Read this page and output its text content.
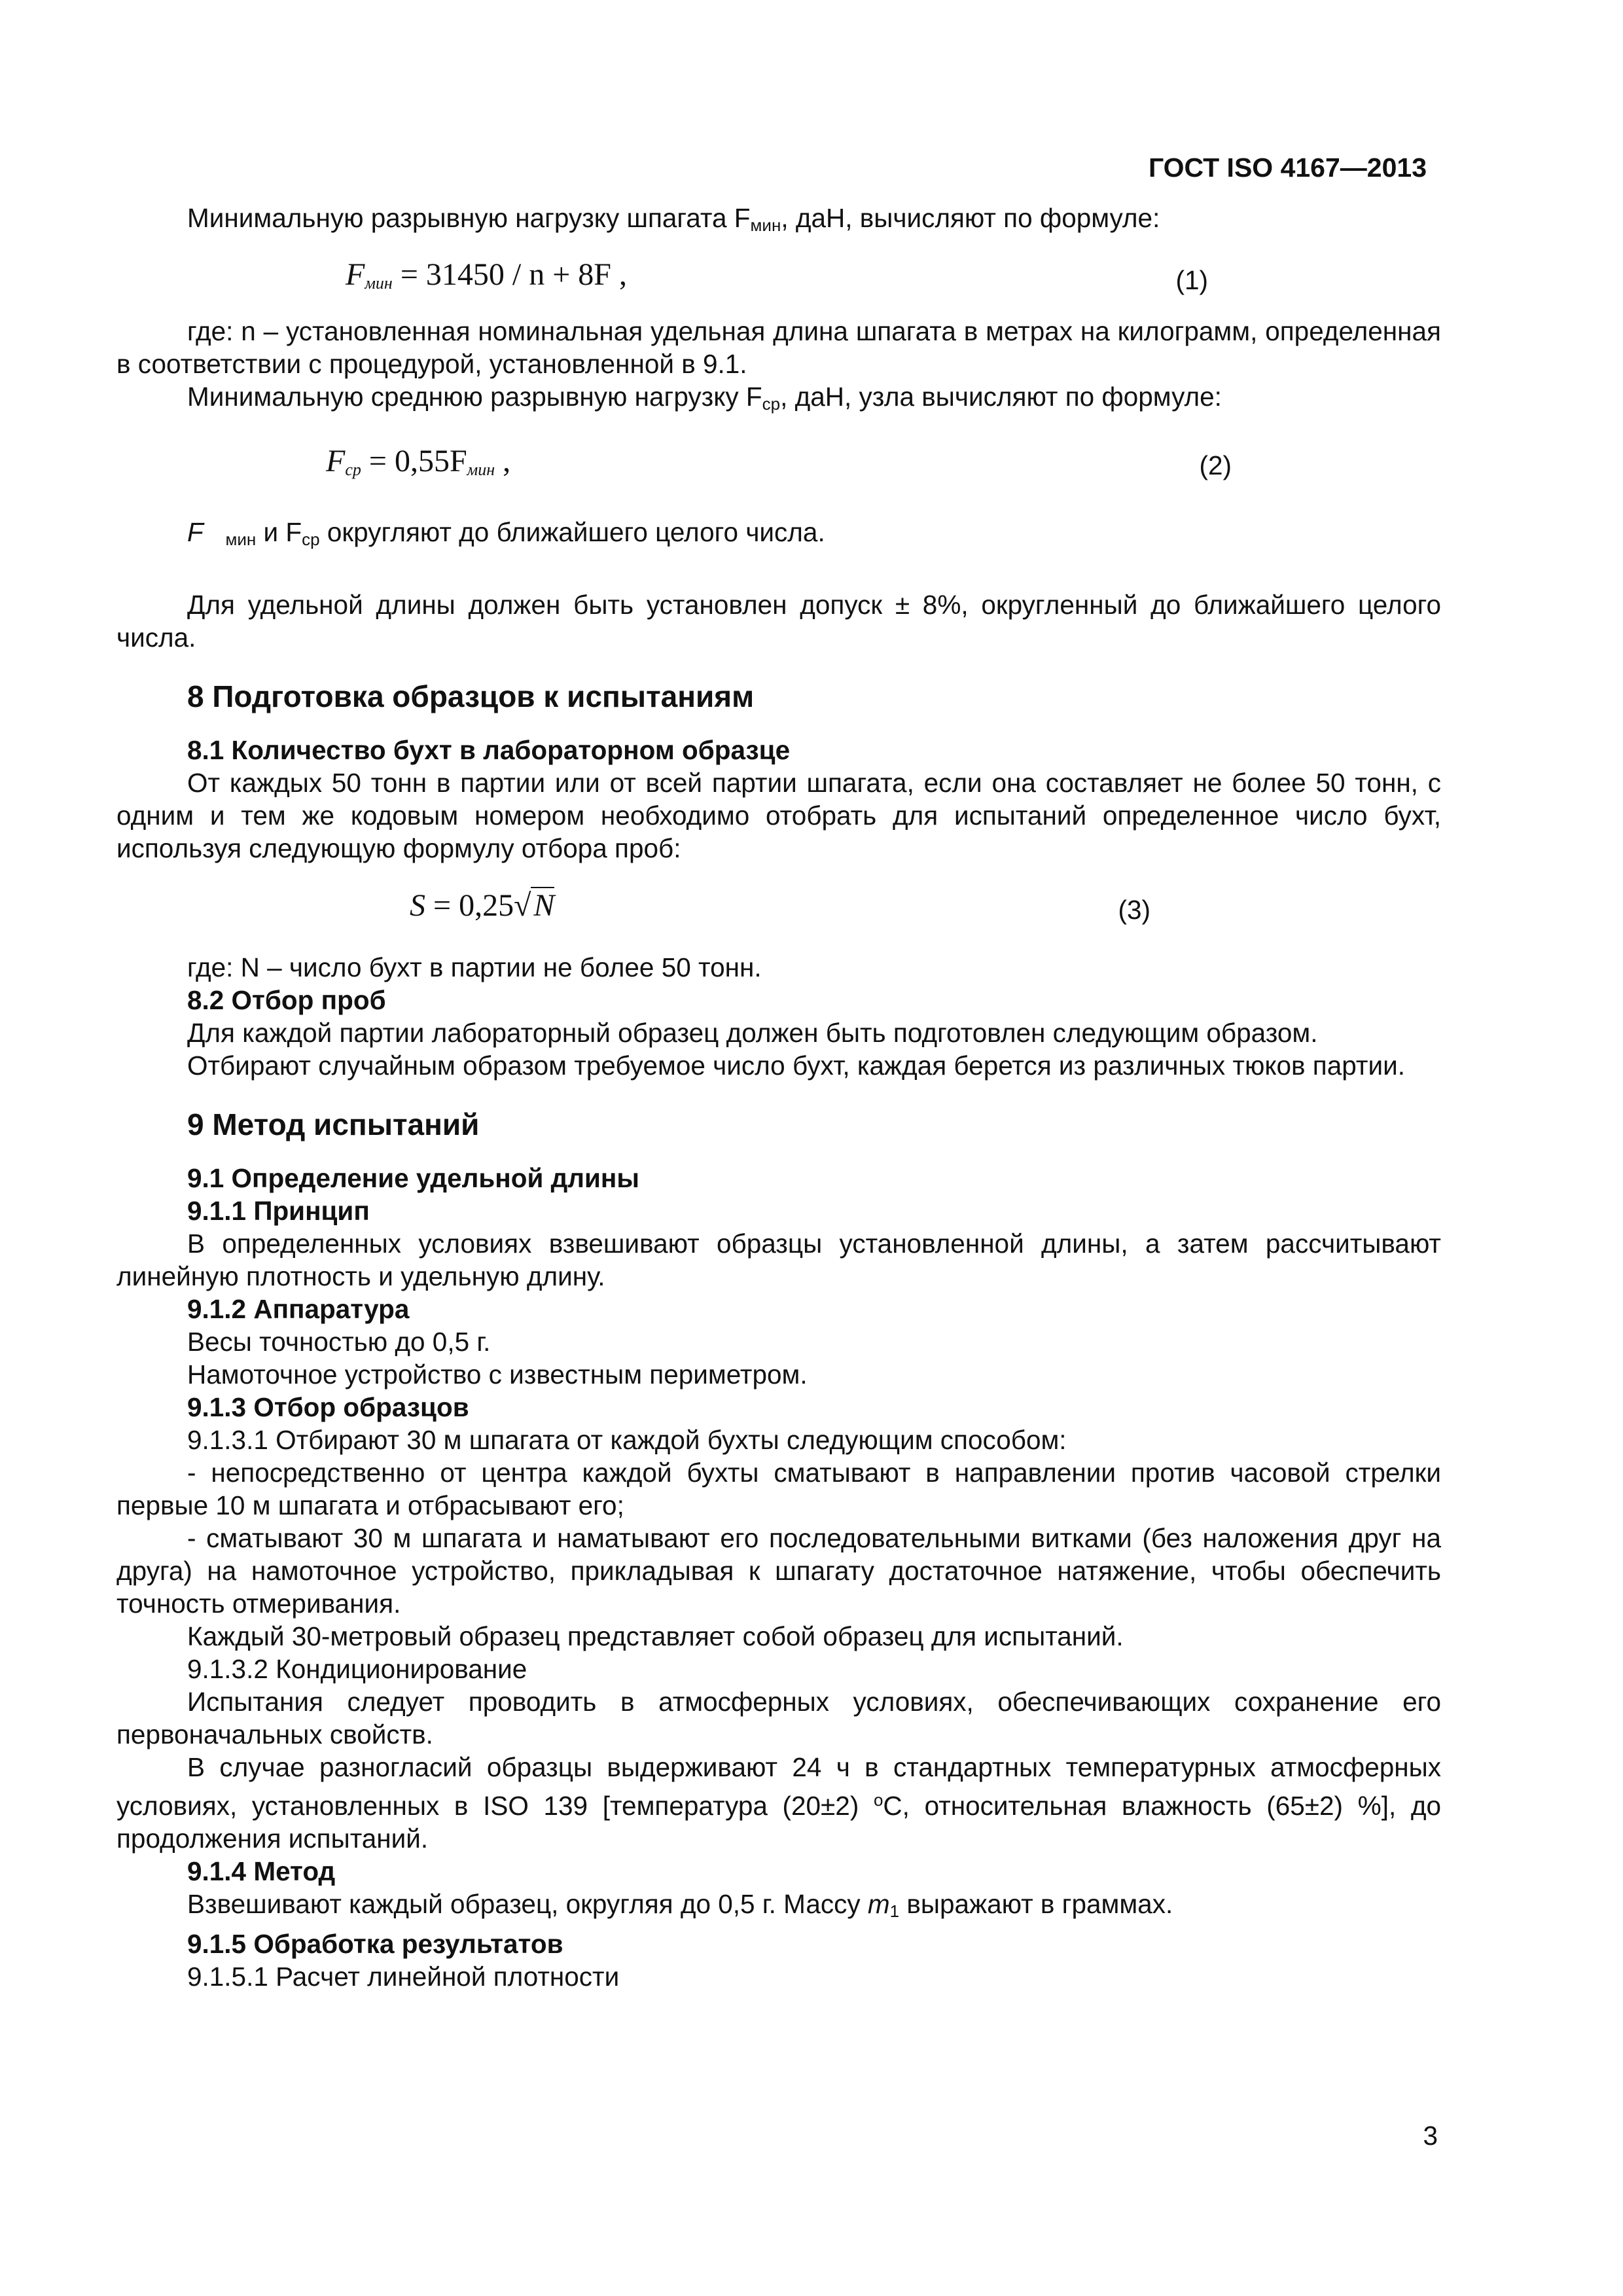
ГОСТ ISO 4167—2013

Минимальную разрывную нагрузку шпагата $F_{мин}$, даН, вычисляют по формуле:

$F_{мин} = 31450 / n + 8F$ ,	(1)

где: n – установленная номинальная удельная длина шпагата в метрах на килограмм, определенная в соответствии с процедурой, установленной в 9.1.

Минимальную среднюю разрывную нагрузку $F_{ср}$, даН, узла вычисляют по формуле:

$F_{ср} = 0,55F_{мин}$ ,	(2)

F $_{мин}$ и $F_{ср}$ округляют до ближайшего целого числа.

Для удельной длины должен быть установлен допуск ± 8%, округленный до ближайшего целого числа.

8 Подготовка образцов к испытаниям

8.1 Количество бухт в лабораторном образце

От каждых 50 тонн в партии или от всей партии шпагата, если она составляет не более 50 тонн, с одним и тем же кодовым номером необходимо отобрать для испытаний определенное число бухт, используя следующую формулу отбора проб:

S = 0,25√N	(3)

где: N – число бухт в партии не более 50 тонн.

8.2 Отбор проб

Для каждой партии лабораторный образец должен быть подготовлен следующим образом.

Отбирают случайным образом требуемое число бухт, каждая берется из различных тюков партии.

9 Метод испытаний

9.1 Определение удельной длины

9.1.1 Принцип

В определенных условиях взвешивают образцы установленной длины, а затем рассчитывают линейную плотность и удельную длину.

9.1.2 Аппаратура

Весы точностью до 0,5 г.

Намоточное устройство с известным периметром.

9.1.3 Отбор образцов

9.1.3.1 Отбирают 30 м шпагата от каждой бухты следующим способом:

- непосредственно от центра каждой бухты сматывают в направлении против часовой стрелки первые 10 м шпагата и отбрасывают его;

- сматывают 30 м шпагата и наматывают его последовательными витками (без наложения друг на друга) на намоточное устройство, прикладывая к шпагату достаточное натяжение, чтобы обеспечить точность отмеривания.

Каждый 30-метровый образец представляет собой образец для испытаний.

9.1.3.2 Кондиционирование

Испытания следует проводить в атмосферных условиях, обеспечивающих сохранение его первоначальных свойств.

В случае разногласий образцы выдерживают 24 ч в стандартных температурных атмосферных условиях, установленных в ISO 139 [температура (20±2) $^o$С, относительная влажность (65±2) %], до продолжения испытаний.

9.1.4 Метод

Взвешивают каждый образец, округляя до 0,5 г. Массу $m_1$ выражают в граммах.

9.1.5 Обработка результатов

9.1.5.1 Расчет линейной плотности

3
